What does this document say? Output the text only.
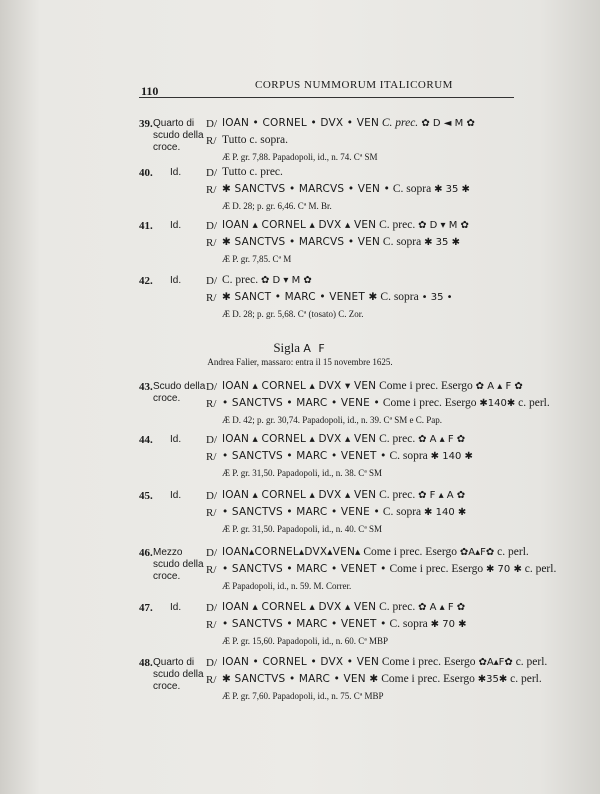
110	CORPUS NUMMORUM ITALICORUM
39. Quarto di scudo della croce.
D/ IOAN • CORNEL • DVX • VEN C. prec. ✿ D ◄ M ✿
R/ Tutto c. sopra.
Æ P. gr. 7,88. Papadopoli, id., n. 74. Cª SM
40.	Id.	D/ Tutto c. prec.
R/ ✱ SANCTVS • MARCVS • VEN • C. sopra ✱ 35 ✱
Æ D. 28; p. gr. 6,46. Cª M. Br.
41.	Id.	D/ IOAN ▴ CORNEL ▴ DVX ▴ VEN C. prec. ✿ D ▾ M ✿
R/ ✱ SANCTVS • MARCVS • VEN C. sopra ✱ 35 ✱
Æ P. gr. 7,85. Cª M
42.	Id.	D/ C. prec. ✿ D ▾ M ✿
R/ ✱ SANCT • MARC • VENET ✱ C. sopra • 35 •
Æ D. 28; p. gr. 5,68. Cª (tosato) C. Zor.
Sigla A F
Andrea Falier, massaro: entra il 15 novembre 1625.
43. Scudo della croce.
D/ IOAN ▴ CORNEL ▴ DVX ▾ VEN Come i prec. Esergo ✿ A ▴ F ✿
R/ • SANCTVS • MARC • VENE • Come i prec. Esergo ✱140✱ c. perl.
Æ D. 42; p. gr. 30,74. Papadopoli, id., n. 39. Cª SM e C. Pap.
44.	Id.	D/ IOAN ▴ CORNEL ▴ DVX ▴ VEN C. prec. ✿ A ▴ F ✿
R/ • SANCTVS • MARC • VENET • C. sopra ✱ 140 ✱
Æ P. gr. 31,50. Papadopoli, id., n. 38. Cª SM
45.	Id.	D/ IOAN ▴ CORNEL ▴ DVX ▴ VEN C. prec. ✿ F ▴ A ✿
R/ • SANCTVS • MARC • VENE • C. sopra ✱ 140 ✱
Æ P. gr. 31,50. Papadopoli, id., n. 40. Cª SM
46. Mezzo scudo della croce.
D/ IOAN▴CORNEL▴DVX▴VEN▴ Come i prec. Esergo ✿A▴F✿ c. perl.
R/ • SANCTVS • MARC • VENET • Come i prec. Esergo ✱ 70 ✱ c. perl.
Æ Papadopoli, id., n. 59. M. Correr.
47.	Id.	D/ IOAN ▴ CORNEL ▴ DVX ▴ VEN C. prec. ✿ A ▴ F ✿
R/ • SANCTVS • MARC • VENET • C. sopra ✱ 70 ✱
Æ P. gr. 15,60. Papadopoli, id., n. 60. Cª MBP
48. Quarto di scudo della croce.
D/ IOAN • CORNEL • DVX • VEN Come i prec. Esergo ✿A▴F✿ c. perl.
R/ ✱ SANCTVS • MARC • VEN ✱ Come i prec. Esergo ✱35✱ c. perl.
Æ P. gr. 7,60. Papadopoli, id., n. 75. Cª MBP
